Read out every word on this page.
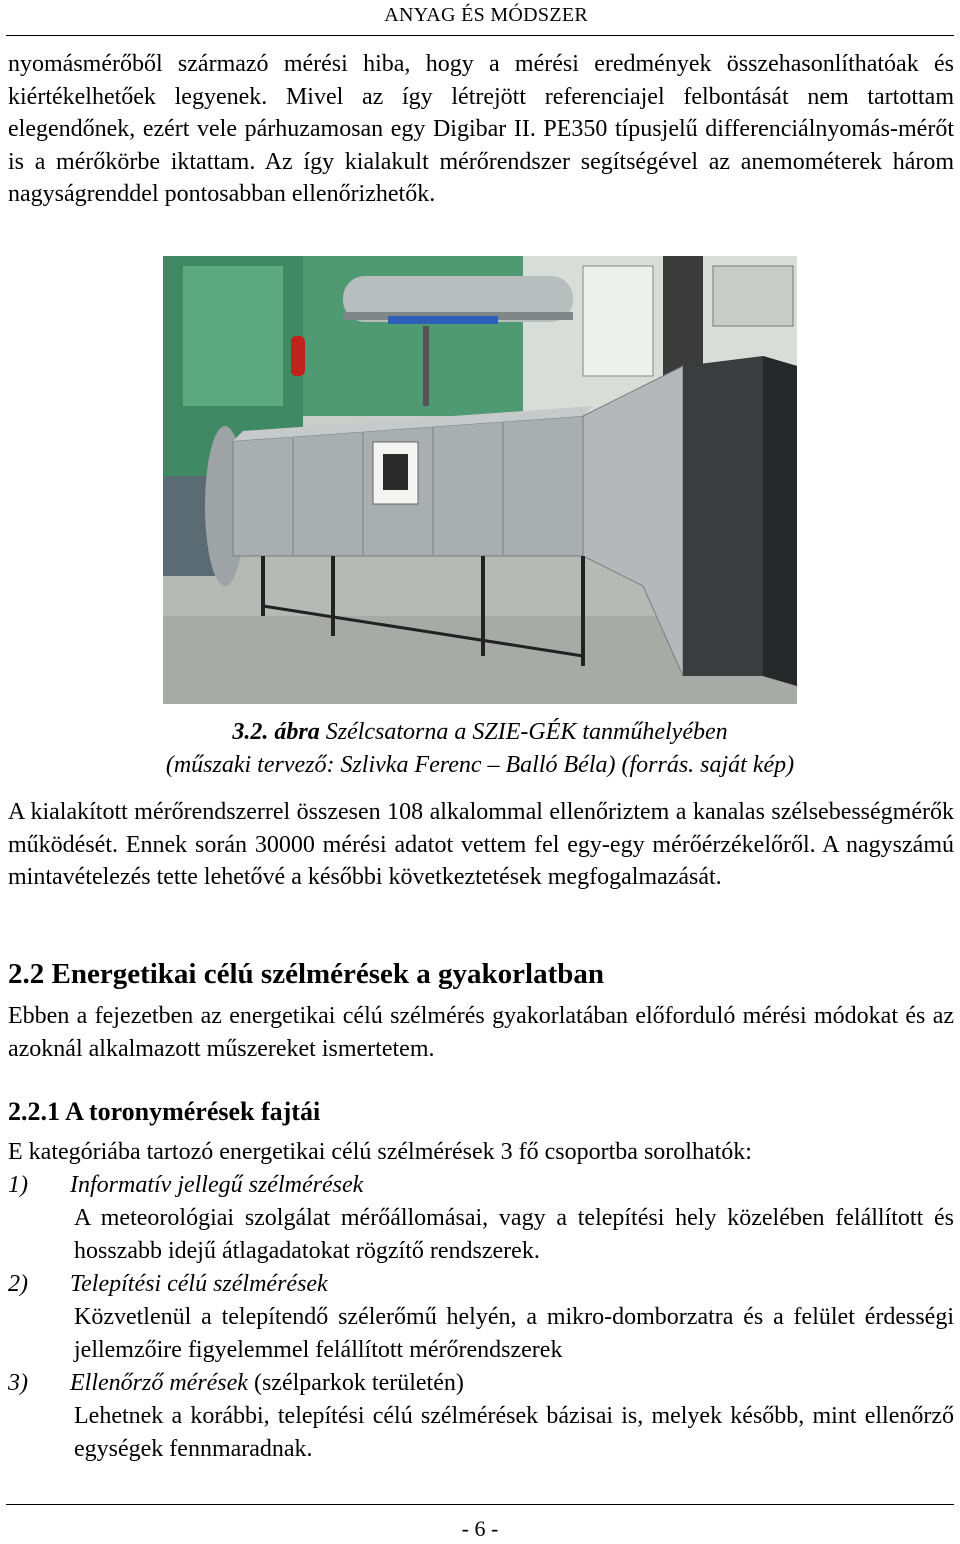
ANYAG ÉS MÓDSZER
nyomásmérőből származó mérési hiba, hogy a mérési eredmények összehasonlíthatóak és kiértékelhetőek legyenek. Mivel az így létrejött referenciajel felbontását nem tartottam elegendőnek, ezért vele párhuzamosan egy Digibar II. PE350 típusjelű differenciálnyomás-mérőt is a mérőkörbe iktattam. Az így kialakult mérőrendszer segítségével az anemométerek három nagyságrenddel pontosabban ellenőrizhetők.
3.2. ábra Szélcsatorna a SZIE-GÉK tanműhelyében
(műszaki tervező: Szlivka Ferenc – Balló Béla) (forrás. saját kép)
A kialakított mérőrendszerrel összesen 108 alkalommal ellenőriztem a kanalas szélsebességmérők működését. Ennek során 30000 mérési adatot vettem fel egy-egy mérőérzékelőről. A nagyszámú mintavételezés tette lehetővé a későbbi következtetések megfogalmazását.
2.2 Energetikai célú szélmérések a gyakorlatban
Ebben a fejezetben az energetikai célú szélmérés gyakorlatában előforduló mérési módokat és az azoknál alkalmazott műszereket ismertetem.
2.2.1 A toronymérések fajtái
E kategóriába tartozó energetikai célú szélmérések 3 fő csoportba sorolhatók:
1) Informatív jellegű szélmérések
A meteorológiai szolgálat mérőállomásai, vagy a telepítési hely közelében felállított és hosszabb idejű átlagadatokat rögzítő rendszerek.
2) Telepítési célú szélmérések
Közvetlenül a telepítendő szélerőmű helyén, a mikro-domborzatra és a felület érdességi jellemzőire figyelemmel felállított mérőrendszerek
3) Ellenőrző mérések (szélparkok területén)
Lehetnek a korábbi, telepítési célú szélmérések bázisai is, melyek később, mint ellenőrző egységek fennmaradnak.
- 6 -
